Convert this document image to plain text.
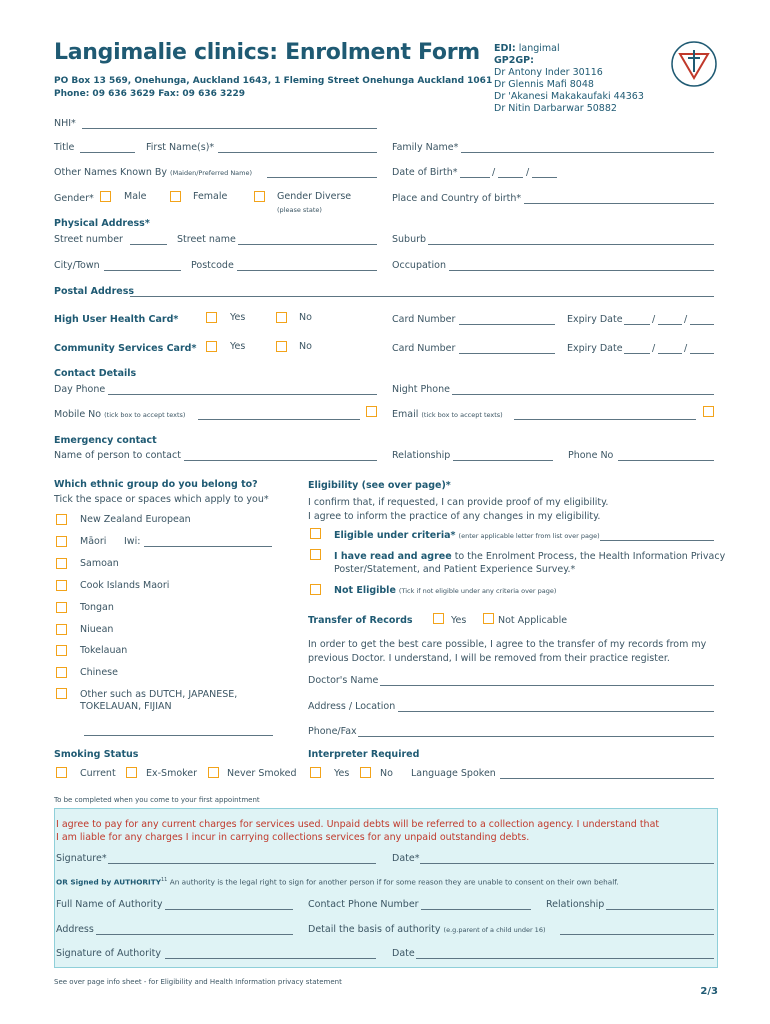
Langimalie clinics: Enrolment Form
PO Box 13 569, Onehunga, Auckland 1643, 1 Fleming Street Onehunga Auckland 1061
Phone: 09 636 3629 Fax: 09 636 3229
EDI: langimal
GP2GP:
Dr Antony Inder 30116
Dr Glennis Mafi 8048
Dr 'Akanesi Makakaufaki 44363
Dr Nitin Darbarwar 50882
NHI*
Title	First Name(s)*	Family Name*
Other Names Known By (Maiden/Preferred Name)	Date of Birth*	/	/
Gender*	Male	Female	Gender Diverse
(please state)
Place and Country of birth*
Physical Address*
Street number	Street name	Suburb
City/Town	Postcode	Occupation
Postal Address
High User Health Card*	Yes	No	Card Number	Expiry Date	/	/
Community Services Card*	Yes	No	Card Number	Expiry Date	/	/
Contact Details
Day Phone	Night Phone
Mobile No (tick box to accept texts)	Email (tick box to accept texts)
Emergency contact
Name of person to contact	Relationship	Phone No
Which ethnic group do you belong to?
Tick the space or spaces which apply to you*
New Zealand European
Māori Iwi:
Samoan
Cook Islands Maori
Tongan
Niuean
Tokelauan
Chinese
Other such as DUTCH, JAPANESE,
TOKELAUAN, FIJIAN
Eligibility (see over page)*
I confirm that, if requested, I can provide proof of my eligibility.
I agree to inform the practice of any changes in my eligibility.
Eligible under criteria* (enter applicable letter from list over page)
I have read and agree to the Enrolment Process, the Health Information Privacy
Poster/Statement, and Patient Experience Survey.*
Not Eligible (Tick if not eligible under any criteria over page)
Transfer of Records	Yes	Not Applicable
In order to get the best care possible, I agree to the transfer of my records from my
previous Doctor. I understand, I will be removed from their practice register.
Doctor's Name
Address / Location
Phone/Fax
Smoking Status
Current	Ex-Smoker	Never Smoked
Interpreter Required
Yes	No Language Spoken
To be completed when you come to your first appointment
I agree to pay for any current charges for services used. Unpaid debts will be referred to a collection agency. I understand that
I am liable for any charges I incur in carrying collections services for any unpaid outstanding debts.
Signature*	Date*
OR Signed by AUTHORITY$^{11}$ An authority is the legal right to sign for another person if for some reason they are unable to consent on their own behalf.
Full Name of Authority	Contact Phone Number	Relationship
Address	Detail the basis of authority (e.g.parent of a child under 16)
Signature of Authority	Date
See over page info sheet - for Eligibility and Health Information privacy statement
2/3
